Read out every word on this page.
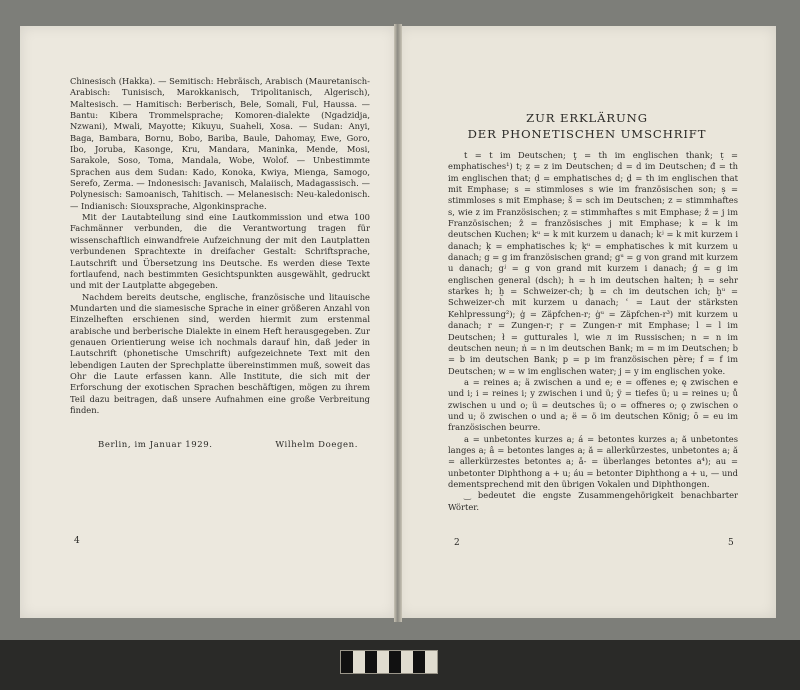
Chinesisch (Hakka). — Semitisch: Hebräisch, Arabisch (Mauretanisch-Arabisch: Tunisisch, Marokkanisch, Tripolitanisch, Algerisch), Maltesisch. — Hamitisch: Berberisch, Bele, Somali, Ful, Haussa. — Bantu: Kibera Trommelsprache; Komoren-dialekte (Ngadzidja, Nzwani), Mwali, Mayotte; Kikuyu, Suaheli, Xosa. — Sudan: Anyi, Baga, Bambara, Bornu, Bobo, Bariba, Baule, Dahomay, Ewe, Goro, Ibo, Joruba, Kasonge, Kru, Mandara, Maninka, Mende, Mosi, Sarakole, Soso, Toma, Mandala, Wobe, Wolof. — Unbestimmte Sprachen aus dem Sudan: Kado, Konoka, Kwiya, Mienga, Samogo, Serefo, Zerma. — Indonesisch: Javanisch, Malaiisch, Madagassisch. — Polynesisch: Samoanisch, Tahitisch. — Melanesisch: Neu-kaledonisch. — Indianisch: Siouxsprache, Algonkinsprache.

Mit der Lautabteilung sind eine Lautkommission und etwa 100 Fachmänner verbunden, die die Verantwortung tragen für wissenschaftlich einwandfreie Aufzeichnung der mit den Lautplatten verbundenen Sprachtexte in dreifacher Gestalt: Schriftsprache, Lautschrift und Übersetzung ins Deutsche. Es werden diese Texte fortlaufend, nach bestimmten Gesichtspunkten ausgewählt, gedruckt und mit der Lautplatte abgegeben.

Nachdem bereits deutsche, englische, französische und litauische Mundarten und die siamesische Sprache in einer größeren Anzahl von Einzelheften erschienen sind, werden hiermit zum erstenmal arabische und berberische Dialekte in einem Heft herausgegeben. Zur genauen Orientierung weise ich nochmals darauf hin, daß jeder in Lautschrift (phonetische Umschrift) aufgezeichnete Text mit den lebendigen Lauten der Sprechplatte übereinstimmen muß, soweit das Ohr die Laute erfassen kann. Alle Institute, die sich mit der Erforschung der exotischen Sprachen beschäftigen, mögen zu ihrem Teil dazu beitragen, daß unsere Aufnahmen eine große Verbreitung finden.

Berlin, im Januar 1929.	Wilhelm Doegen.
4
ZUR ERKLÄRUNG
DER PHONETISCHEN UMSCHRIFT

t = t im Deutschen; ţ = th im englischen thank; ṭ = emphatisches¹) t; ẓ = z im Deutschen; d = d im Deutschen; đ = th im englischen that; ḍ = emphatisches d; ḏ = th im englischen that mit Emphase; s = stimmloses s wie im französischen son; ṣ = stimmloses s mit Emphase; š = sch im Deutschen; z = stimmhaftes s, wie z im Französischen; ẓ = stimmhaftes s mit Emphase; ž = j im Französischen; ẑ = französisches j mit Emphase; k = k im deutschen Kuchen; kᵘ = k mit kurzem u danach; kʲ = k mit kurzem i danach; ḳ = emphatisches k; ḳᵘ = emphatisches k mit kurzem u danach; g = g im französischen grand; gᵘ = g von grand mit kurzem u danach; gʲ = g von grand mit kurzem i danach; ǵ = g im englischen general (dsch); h = h im deutschen halten; ḥ = sehr starkes h; ḫ = Schweizer-ch; ẖ = ch im deutschen ich; ḫᵘ = Schweizer-ch mit kurzem u danach; ʿ = Laut der stärksten Kehlpressung²); ġ = Zäpfchen-r; ġᵘ = Zäpfchen-r³) mit kurzem u danach; r = Zungen-r; ṛ = Zungen-r mit Emphase; l = l im Deutschen; ł = gutturales l, wie л im Russischen; n = n im deutschen neun; ṅ = n im deutschen Bank; m = m im Deutschen; b = b im deutschen Bank; p = p im französischen père; f = f im Deutschen; w = w im englischen water; j = y im englischen yoke.

a = reines a; ä zwischen a und e; e = offenes e; ę zwischen e und i; i = reines i; y zwischen i und ü; ÿ = tiefes ü; u = reines u; ů zwischen u und o; ü = deutsches ü; o = offneres o; ǫ zwischen o und u; ö zwischen o und a; ë = ö im deutschen König; ō = eu im französischen beurre.

a = unbetontes kurzes a; á = betontes kurzes a; ă unbetontes langes a; â = betontes langes a; ă = allerkürzestes, unbetontes a; ă = allerkürzestes betontes a; ǎ- = überlanges betontes a⁴); au = unbetonter Diphthong a + u; áu = betonter Diphthong a + u, — und dementsprechend mit den übrigen Vokalen und Diphthongen.

‿ bedeutet die engste Zusammengehörigkeit benachbarter Wörter.

2	5
